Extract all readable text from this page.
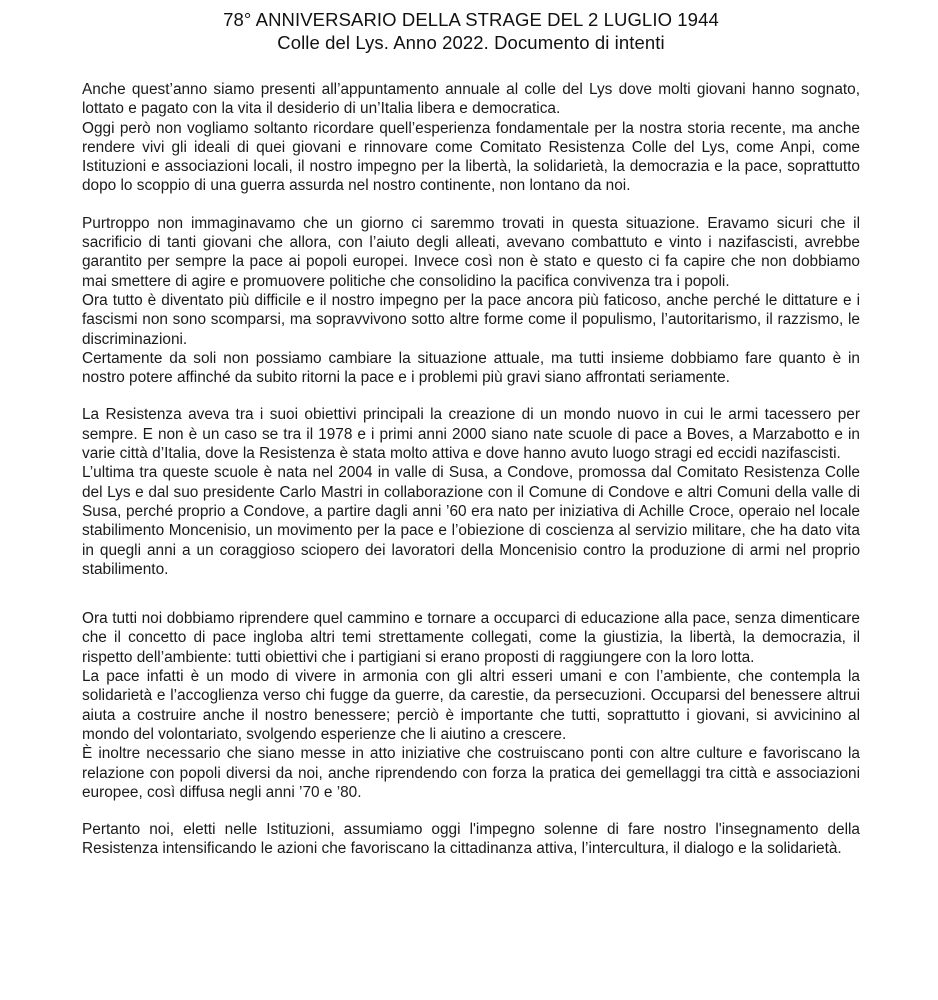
78° ANNIVERSARIO DELLA STRAGE DEL 2 LUGLIO 1944
Colle del Lys. Anno 2022. Documento di intenti

Anche quest’anno siamo presenti all’appuntamento annuale al colle del Lys dove molti giovani hanno sognato, lottato e pagato con la vita il desiderio di un’Italia libera e democratica.

Oggi però non vogliamo soltanto ricordare quell’esperienza fondamentale per la nostra storia recente, ma anche rendere vivi gli ideali di quei giovani e rinnovare come Comitato Resistenza Colle del Lys, come Anpi, come Istituzioni e associazioni locali, il nostro impegno per la libertà, la solidarietà, la democrazia e la pace, soprattutto dopo lo scoppio di una guerra assurda nel nostro continente, non lontano da noi.

Purtroppo non immaginavamo che un giorno ci saremmo trovati in questa situazione. Eravamo sicuri che il sacrificio di tanti giovani che allora, con l’aiuto degli alleati, avevano combattuto e vinto i nazifascisti, avrebbe garantito per sempre la pace ai popoli europei. Invece così non è stato e questo ci fa capire che non dobbiamo mai smettere di agire e promuovere politiche che consolidino la pacifica convivenza tra i popoli.

Ora tutto è diventato più difficile e il nostro impegno per la pace ancora più faticoso, anche perché le dittature e i fascismi non sono scomparsi, ma sopravvivono sotto altre forme come il populismo, l’autoritarismo, il razzismo, le discriminazioni.

Certamente da soli non possiamo cambiare la situazione attuale, ma tutti insieme dobbiamo fare quanto è in nostro potere affinché da subito ritorni la pace e i problemi più gravi siano affrontati seriamente.

La Resistenza aveva tra i suoi obiettivi principali la creazione di un mondo nuovo in cui le armi tacessero per sempre. E non è un caso se tra il 1978 e i primi anni 2000 siano nate scuole di pace a Boves, a Marzabotto e in varie città d’Italia, dove la Resistenza è stata molto attiva e dove hanno avuto luogo stragi ed eccidi nazifascisti.

L’ultima tra queste scuole è nata nel 2004 in valle di Susa, a Condove, promossa dal Comitato Resistenza Colle del Lys e dal suo presidente Carlo Mastri in collaborazione con il Comune di Condove e altri Comuni della valle di Susa, perché proprio a Condove, a partire dagli anni ’60 era nato per iniziativa di Achille Croce, operaio nel locale stabilimento Moncenisio, un movimento per la pace e l’obiezione di coscienza al servizio militare, che ha dato vita in quegli anni a un coraggioso sciopero dei lavoratori della Moncenisio contro la produzione di armi nel proprio stabilimento.

Ora tutti noi dobbiamo riprendere quel cammino e tornare a occuparci di educazione alla pace, senza dimenticare che il concetto di pace ingloba altri temi strettamente collegati, come la giustizia, la libertà, la democrazia, il rispetto dell’ambiente: tutti obiettivi che i partigiani si erano proposti di raggiungere con la loro lotta.

La pace infatti è un modo di vivere in armonia con gli altri esseri umani e con l’ambiente, che contempla la solidarietà e l’accoglienza verso chi fugge da guerre, da carestie, da persecuzioni. Occuparsi del benessere altrui aiuta a costruire anche il nostro benessere; perciò è importante che tutti, soprattutto i giovani, si avvicinino al mondo del volontariato, svolgendo esperienze che li aiutino a crescere.

È inoltre necessario che siano messe in atto iniziative che costruiscano ponti con altre culture e favoriscano la relazione con popoli diversi da noi, anche riprendendo con forza la pratica dei gemellaggi tra città e associazioni europee, così diffusa negli anni ’70 e ’80.

Pertanto noi, eletti nelle Istituzioni, assumiamo oggi l'impegno solenne di fare nostro l'insegnamento della Resistenza intensificando le azioni che favoriscano la cittadinanza attiva, l’intercultura, il dialogo e la solidarietà.
